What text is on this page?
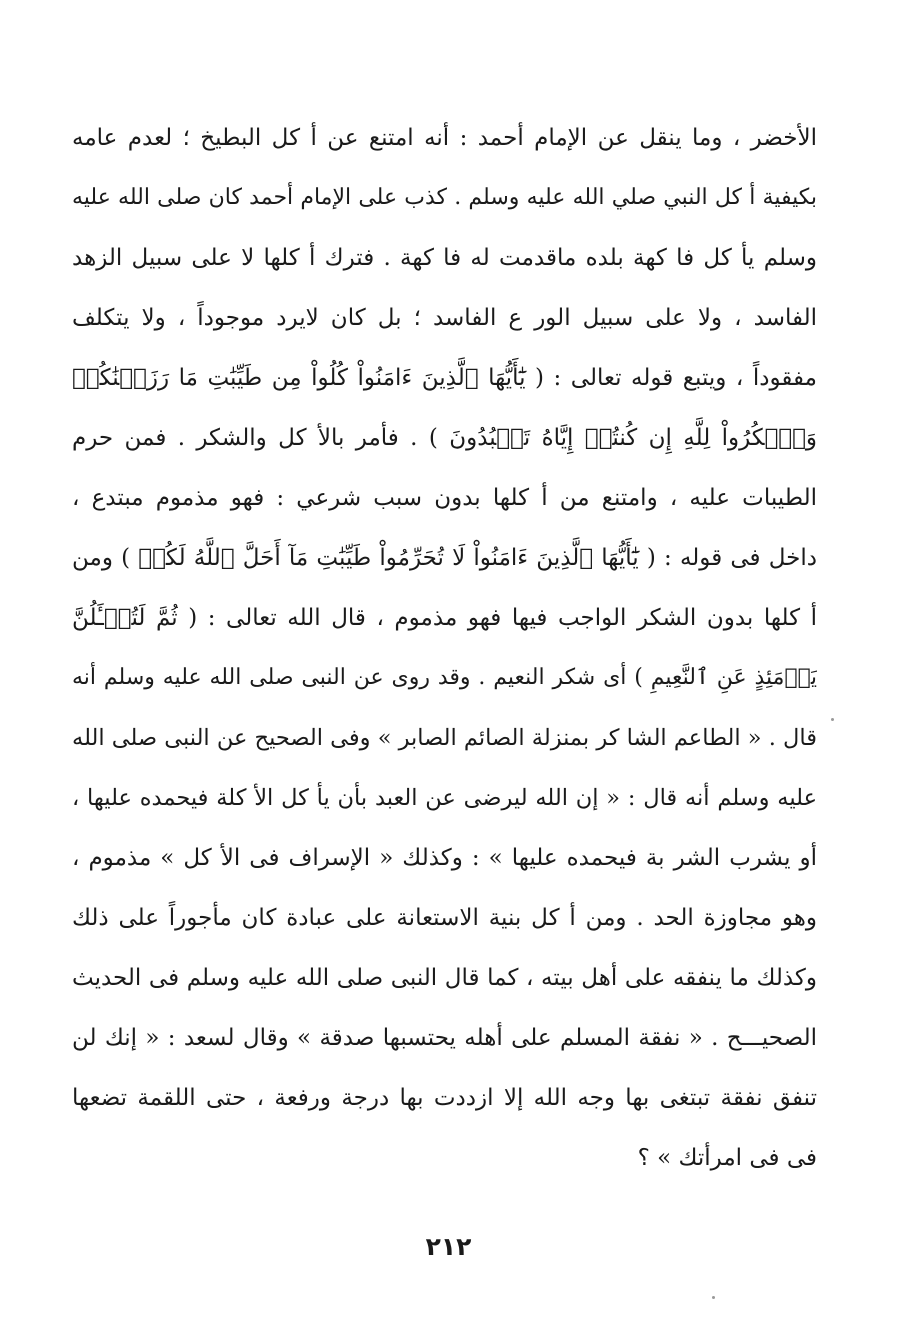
الأخضر ، وما ينقل عن الإمام أحمد : أنه امتنع عن أ كل البطيخ ؛ لعدم عامه
بكيفية أ كل النبي صلي الله عليه وسلم . كذب على الإمام أحمد كان صلى الله عليه
وسلم يأ كل فا كهة بلده ماقدمت له فا كهة . فترك أ كلها لا على سبيل الزهد
الفاسد ، ولا على سبيل الور ع الفاسد ؛ بل كان لايرد موجوداً ، ولا يتكلف
مفقوداً ، ويتبع قوله تعالى : ( يَٰٓأَيُّهَا ٱلَّذِينَ ءَامَنُواْ كُلُواْ مِن طَيِّبَٰتِ مَا رَزَقۡنَٰكُمۡ
وَٱشۡكُرُواْ لِلَّهِ إِن كُنتُمۡ إِيَّاهُ تَعۡبُدُونَ ) . فأمر بالأ كل والشكر . فمن حرم
الطيبات عليه ، وامتنع من أ كلها بدون سبب شرعي : فهو مذموم مبتدع ،
داخل فى قوله : ( يَٰٓأَيُّهَا ٱلَّذِينَ ءَامَنُواْ لَا تُحَرِّمُواْ طَيِّبَٰتِ مَآ أَحَلَّ ٱللَّهُ لَكُمۡ ) ومن
أ كلها بدون الشكر الواجب فيها فهو مذموم ، قال الله تعالى : ( ثُمَّ لَتُسۡـَٔلُنَّ
يَوۡمَئِذٍ عَنِ ٱلنَّعِيمِ ) أى شكر النعيم . وقد روى عن النبى صلى الله عليه وسلم أنه
قال . « الطاعم الشا كر بمنزلة الصائم الصابر » وفى الصحيح عن النبى صلى الله
عليه وسلم أنه قال : « إن الله ليرضى عن العبد بأن يأ كل الأ كلة فيحمده عليها ،
أو يشرب الشر بة فيحمده عليها » : وكذلك « الإسراف فى الأ كل » مذموم ،
وهو مجاوزة الحد . ومن أ كل بنية الاستعانة على عبادة كان مأجوراً على ذلك
وكذلك ما ينفقه على أهل بيته ، كما قال النبى صلى الله عليه وسلم فى الحديث
الصحيـــح . « نفقة المسلم على أهله يحتسبها صدقة » وقال لسعد : « إنك لن
تنفق نفقة تبتغى بها وجه الله إلا ازددت بها درجة ورفعة ، حتى اللقمة تضعها
فى فى امرأتك » ؟
٢١٢
